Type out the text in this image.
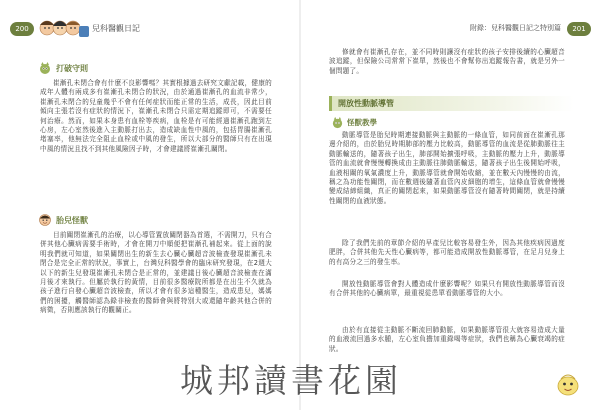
200	兒科醫觀日記
打破守則
崔漸孔未閉合會有什麼不良影響嗎？其實根據過去研究文獻記載，健康的成年人體有兩成多有崔漸孔未閉合的狀況，由於通過崔漸孔的血流非常少，崔漸孔未閉合的兒童幾乎不會有任何症狀而能正常的生活，成長，因此目前傾向主張若沒有症狀的情況下，崔漸孔未閉合只需定期追蹤即可，不需要任何治療。然而，如果本身患有血栓等疾病，血栓是有可能經過崔漸孔跑到左心房，左心室然後進入主動脈打出去，造成缺血性中風的，包括胃腸崔漸孔堵塞率，他無法完全阻止血栓或中風的發生，所以大部分的醫師只有在出現中風的情況且找不到其他風險因子時，才會建議將崔漸孔關閉。
胎兒怪獸
目前關閉崔漸孔的治療，以心導管置放關閉器為首選，不需開刀，只有合併其他心臟病需要手術時，才會在開刀中順便把崔漸孔補起來。從上面的說明我們就可知道，如果關閉出生的新生去心臟心臟超音波檢查發現崔漸孔未閉合是完全正常的狀況，事實上，台灣兒科醫學會的臨床研究發現，在2週大以下的新生兒發現崔漸孔未閉合是正常的，並建議日後心臟超音波檢查在滿月後才來執行。但屬於執行的黃情，目前很多醫療院所都是在出生不久就為孩子進行自發心臟超音波檢查，所以才會有很多這種醫生，造成患兒，媽媽們的困擾，觸醫師認為錄非檢查的醫師會與將特別大或還隨年齡其他合併的病徵，否則應該執行的觀關正。
附錄：兒科醫觀日記之特別篇	201
修就會有崔漸孔存在，並不同時則讓沒有症狀的孩子安排後續的心臟超音波追蹤，但保險公司常常下崔單，然後也不會幫你出追蹤報告書，就是另外一個問題了。
開放性動脈導管
怪獸教學
動脈導管是胎兒時期連接動脈與主動脈的一條血管，如同前面在崔漸孔那邊介紹的，由於胎兒時期肺部的壓力比較高，動脈導管的血流是從肺動脈往主動脈輸送的，隨著孩子出生，肺部開始擴張呼吸，主動脈的壓力上升，動脈導管的血流就會慢慢轉換成由主動脈往肺動脈輸送，隨著孩子出生後開始呼吸，血液相關的氧氣濃度上升，動脈導管就會開始收縮，並在數天內慢慢的由流，稱之為功能性關閉，而在數週後隨著血管內皮細胞的增生，這條血管就會慢慢變成結締組織，真正的關閉起來，如果動脈導管沒有隨著時間關閉，就是持續性關閉的血液狀態。
除了我們先前的章節介紹的早產兒比較容易發生外，因為其他疾病因過度肥胖，合併其他先天性心臟病等，都可能造成開放性動脈導管，在足月兒身上的有高分之三的發生率。
開放性動脈導管會對人體造成什麼影響呢？如果只有開放性動脈導管而沒有合併其他的心臟病單，最重視從患單看動脈導管的大小。
由於有直接從主動脈不斷流回肺動脈，如果動脈導管很大就容易造成大量的血液流回過多水腫，左心室負擔加重錄喝等症狀，我們也稱為心臟衰竭的症狀。
城邦讀書花園
